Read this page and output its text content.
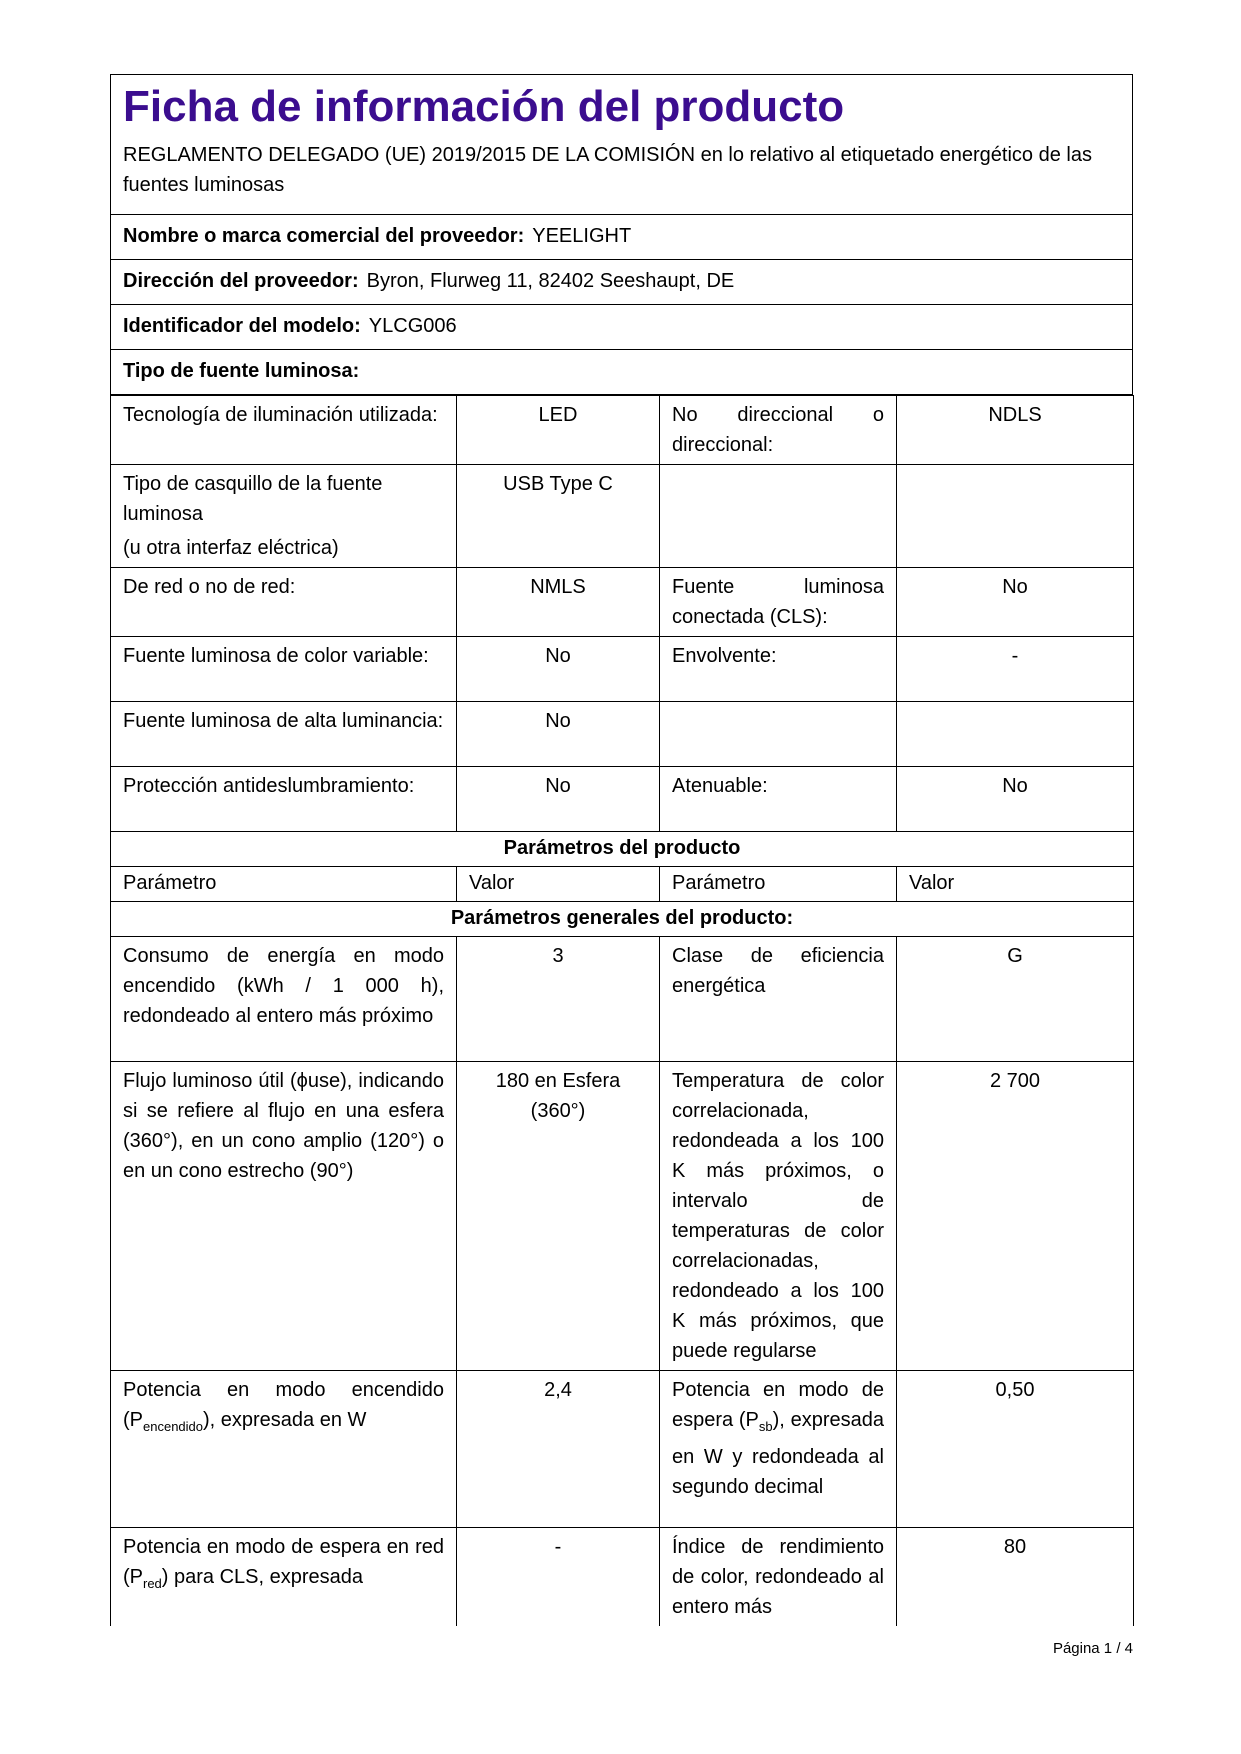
Ficha de información del producto

REGLAMENTO DELEGADO (UE) 2019/2015 DE LA COMISIÓN en lo relativo al etiquetado energético de las fuentes luminosas

Nombre o marca comercial del proveedor: YEELIGHT
Dirección del proveedor: Byron, Flurweg 11, 82402 Seeshaupt, DE
Identificador del modelo: YLCG006
Tipo de fuente luminosa:
Tecnología de iluminación utilizada:	LED	No direccional o direccional:	NDLS

Tipo de casquillo de la fuente luminosa
(u otra interfaz eléctrica)	USB Type C		
De red o no de red:	NMLS	Fuente luminosa conectada (CLS):	No
Fuente luminosa de color variable:	No	Envolvente:	-
Fuente luminosa de alta luminancia:	No		
Protección antideslumbramiento:	No	Atenuable:	No
Parámetros del producto			
Parámetro	Valor	Parámetro	Valor
Parámetros generales del producto:			
Consumo de energía en modo encendido (kWh / 1 000 h), redondeado al entero más próximo	3	Clase de eficiencia energética	G
Flujo luminoso útil (ϕuse), indicando si se refiere al flujo en una esfera (360°), en un cono amplio (120°) o en un cono estrecho (90°)	180 en Esfera (360°)	Temperatura de color correlacionada, redondeada a los 100 K más próximos, o intervalo de temperaturas de color correlacionadas, redondeado a los 100 K más próximos, que puede regularse	2 700
Potencia en modo encendido $(P_{encendido})$, expresada en W	2,4	Potencia en modo de espera $(P_{sb})$, expresada en W y redondeada al segundo decimal	0,50

Potencia en modo de espera en red $(P_{red})$ para CLS, expresada	-	Índice de rendimiento de color, redondeado al entero más	80
Página 1 / 4
